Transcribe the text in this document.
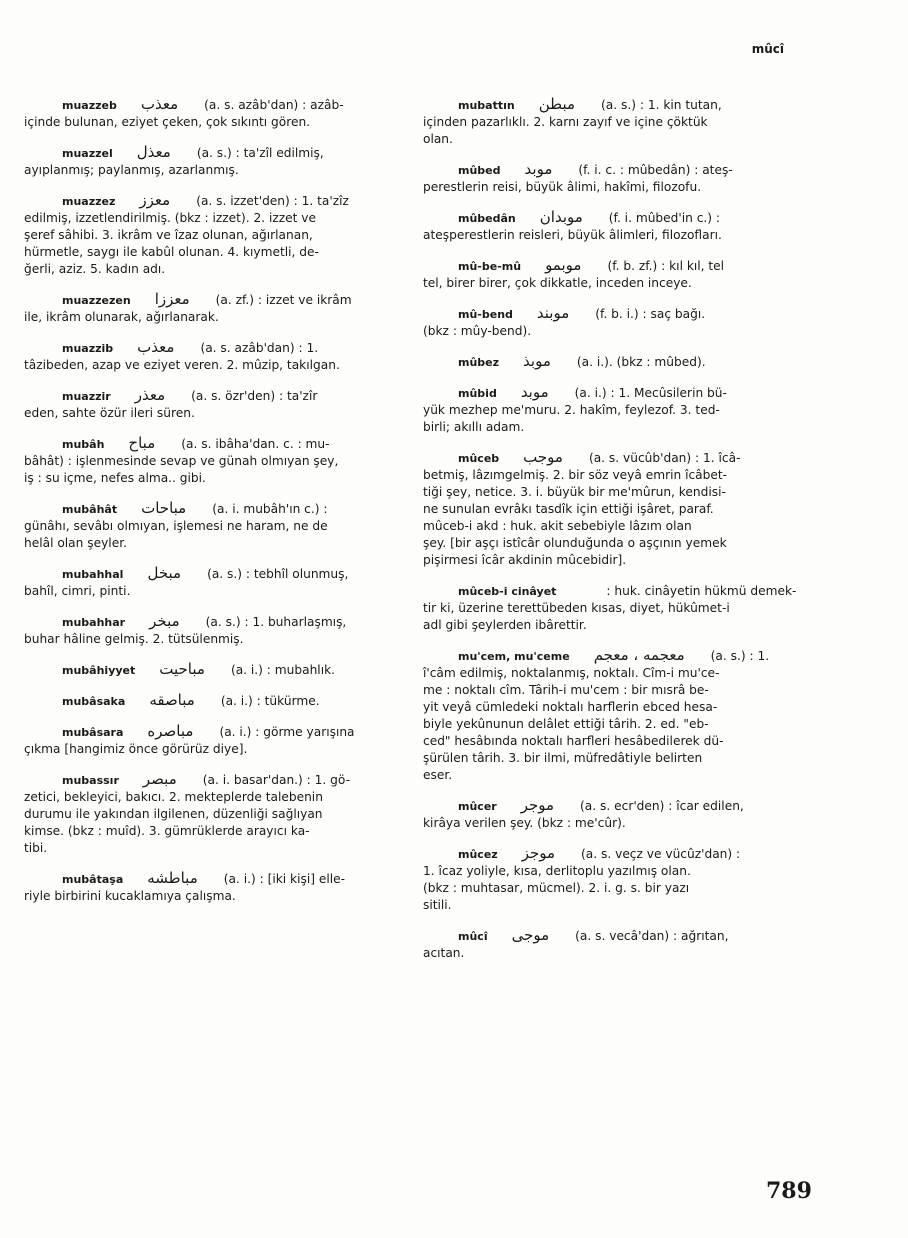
mûcî
muazzeb معذب (a. s. azâb'dan) : azâb-
içinde bulunan, eziyet çeken, çok sıkıntı gören.
muazzel معذل (a. s.) : ta'zîl edilmiş,
ayıplanmış; paylanmış, azarlanmış.
muazzez معزز (a. s. izzet'den) : 1. ta'zîz
edilmiş, izzetlendirilmiş. (bkz : izzet). 2. izzet ve
şeref sâhibi. 3. ikrâm ve îzaz olunan, ağırlanan,
hürmetle, saygı ile kabûl olunan. 4. kıymetli, de-
ğerli, aziz. 5. kadın adı.
muazzezen معززا (a. zf.) : izzet ve ikrâm
ile, ikrâm olunarak, ağırlanarak.
muazzib معذب (a. s. azâb'dan) : 1.
tâzibeden, azap ve eziyet veren. 2. mûzip, takılgan.
muazzir معذر (a. s. özr'den) : ta'zîr
eden, sahte özür ileri süren.
mubâh مباح (a. s. ibâha'dan. c. : mu-
bâhât) : işlenmesinde sevap ve günah olmıyan şey,
iş : su içme, nefes alma.. gibi.
mubâhât مباحات (a. i. mubâh'ın c.) :
günâhı, sevâbı olmıyan, işlemesi ne haram, ne de
helâl olan şeyler.
mubahhal مبخل (a. s.) : tebhîl olunmuş,
bahîl, cimri, pinti.
mubahhar مبخر (a. s.) : 1. buharlaşmış,
buhar hâline gelmiş. 2. tütsülenmiş.
mubâhiyyet مباحيت (a. i.) : mubahlık.
mubâsaka مباصقه (a. i.) : tükürme.
mubâsara مباصره (a. i.) : görme yarışına
çıkma [hangimiz önce görürüz diye].
mubassır مبصر (a. i. basar'dan.) : 1. gö-
zetici, bekleyici, bakıcı. 2. mekteplerde talebenin
durumu ile yakından ilgilenen, düzenliği sağlıyan
kimse. (bkz : muîd). 3. gümrüklerde arayıcı ka-
tibi.
mubâtaşa مباطشه (a. i.) : [iki kişi] elle-
riyle birbirini kucaklamıya çalışma.
mubattın مبطن (a. s.) : 1. kin tutan,
içinden pazarlıklı. 2. karnı zayıf ve içine çöktük
olan.
mûbed موبد (f. i. c. : mûbedân) : ateş-
perestlerin reisi, büyük âlimi, hakîmi, filozofu.
mûbedân موبدان (f. i. mûbed'in c.) :
ateşperestlerin reisleri, büyük âlimleri, filozofları.
mû-be-mû موبمو (f. b. zf.) : kıl kıl, tel
tel, birer birer, çok dikkatle, inceden inceye.
mû-bend موبند (f. b. i.) : saç bağı.
(bkz : mûy-bend).
mûbez موبذ (a. i.). (bkz : mûbed).
mûbid موبد (a. i.) : 1. Mecûsilerin bü-
yük mezhep me'muru. 2. hakîm, feylezof. 3. ted-
birli; akıllı adam.
mûceb موجب (a. s. vücûb'dan) : 1. îcâ-
betmiş, lâzımgelmiş. 2. bir söz veyâ emrin îcâbet-
tiği şey, netice. 3. i. büyük bir me'mûrun, kendisi-
ne sunulan evrâkı tasdîk için ettiği işâret, paraf.
mûceb-i akd : huk. akit sebebiyle lâzım olan
şey. [bir aşçı istîcâr olunduğunda o aşçının yemek
pişirmesi îcâr akdinin mûcebidir].
mûceb-i cinâyet	: huk. cinâyetin hükmü demek-
tir ki, üzerine terettübeden kısas, diyet, hükûmet-i
adl gibi şeylerden ibârettir.
mu'cem, mu'ceme معجمه ، معجم (a. s.) : 1.
î'câm edilmiş, noktalanmış, noktalı. Cîm-i mu'ce-
me : noktalı cîm. Târih-i mu'cem : bir mısrâ be-
yit veyâ cümledeki noktalı harflerin ebced hesa-
biyle yekûnunun delâlet ettiği târih. 2. ed. "eb-
ced" hesâbında noktalı harfleri hesâbedilerek dü-
şürülen târih. 3. bir ilmi, müfredâtiyle belirten
eser.
mûcer موجر (a. s. ecr'den) : îcar edilen,
kirâya verilen şey. (bkz : me'cûr).
mûcez موجز (a. s. veçz ve vücûz'dan) :
1. îcaz yoliyle, kısa, derlitoplu yazılmış olan.
(bkz : muhtasar, mücmel). 2. i. g. s. bir yazı
sitili.
mûcî موجى (a. s. vecâ'dan) : ağrıtan,
acıtan.
789
